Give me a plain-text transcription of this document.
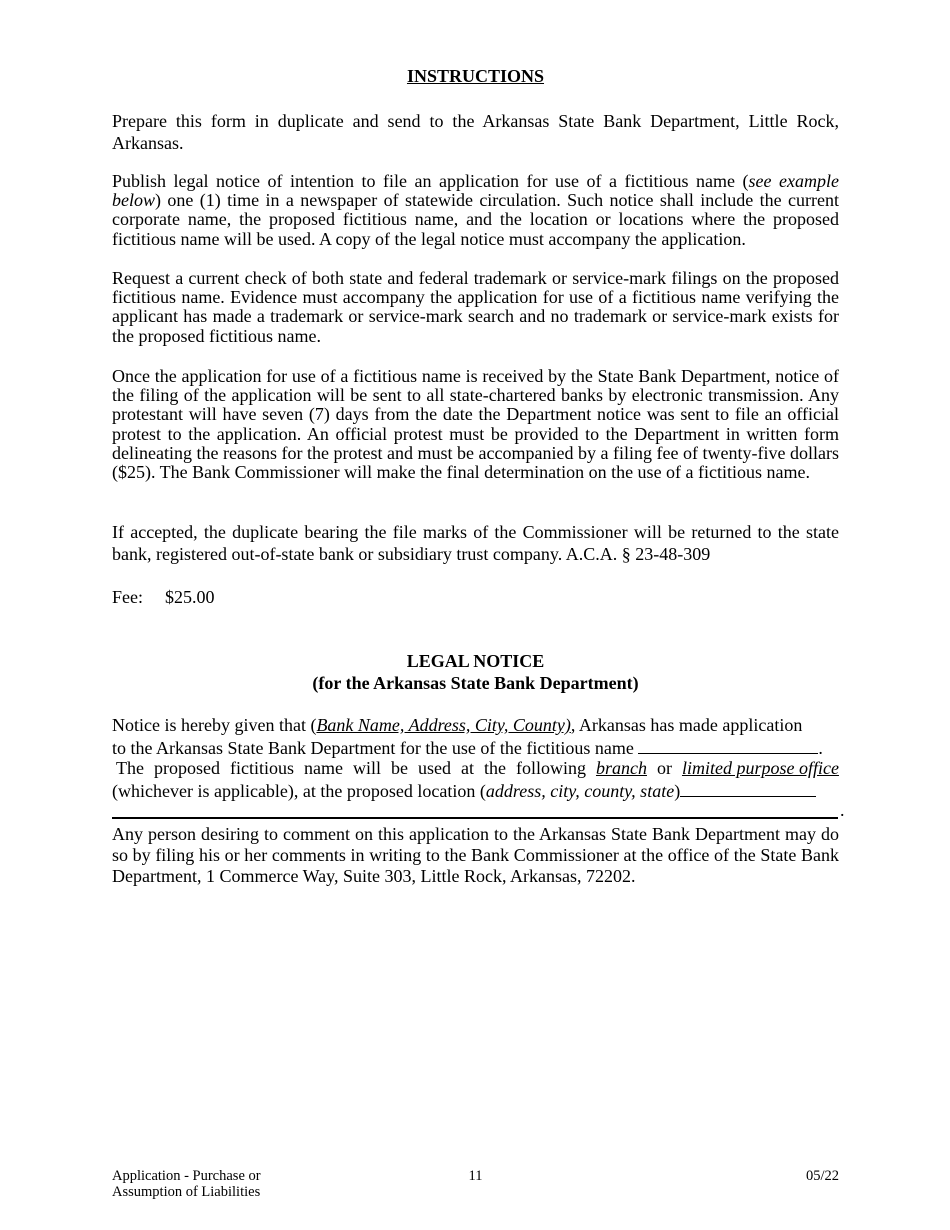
INSTRUCTIONS

Prepare this form in duplicate and send to the Arkansas State Bank Department, Little Rock, Arkansas.

Publish legal notice of intention to file an application for use of a fictitious name (see example below) one (1) time in a newspaper of statewide circulation. Such notice shall include the current corporate name, the proposed fictitious name, and the location or locations where the proposed fictitious name will be used. A copy of the legal notice must accompany the application.

Request a current check of both state and federal trademark or service-mark filings on the proposed fictitious name. Evidence must accompany the application for use of a fictitious name verifying the applicant has made a trademark or service-mark search and no trademark or service-mark exists for the proposed fictitious name.

Once the application for use of a fictitious name is received by the State Bank Department, notice of the filing of the application will be sent to all state-chartered banks by electronic transmission. Any protestant will have seven (7) days from the date the Department notice was sent to file an official protest to the application. An official protest must be provided to the Department in written form delineating the reasons for the protest and must be accompanied by a filing fee of twenty-five dollars ($25). The Bank Commissioner will make the final determination on the use of a fictitious name.

If accepted, the duplicate bearing the file marks of the Commissioner will be returned to the state bank, registered out-of-state bank or subsidiary trust company. A.C.A. § 23-48-309

Fee: $25.00
LEGAL NOTICE
(for the Arkansas State Bank Department)
Notice is hereby given that (Bank Name, Address, City, County), Arkansas has made application
to the Arkansas State Bank Department for the use of the fictitious name	.
The proposed fictitious name will be used at the following branch or limited purpose office
(whichever is applicable), at the proposed location (address, city, county, state)
.

Any person desiring to comment on this application to the Arkansas State Bank Department may do so by filing his or her comments in writing to the Bank Commissioner at the office of the State Bank Department, 1 Commerce Way, Suite 303, Little Rock, Arkansas, 72202.

Application - Purchase or
Assumption of Liabilities
11	05/22
